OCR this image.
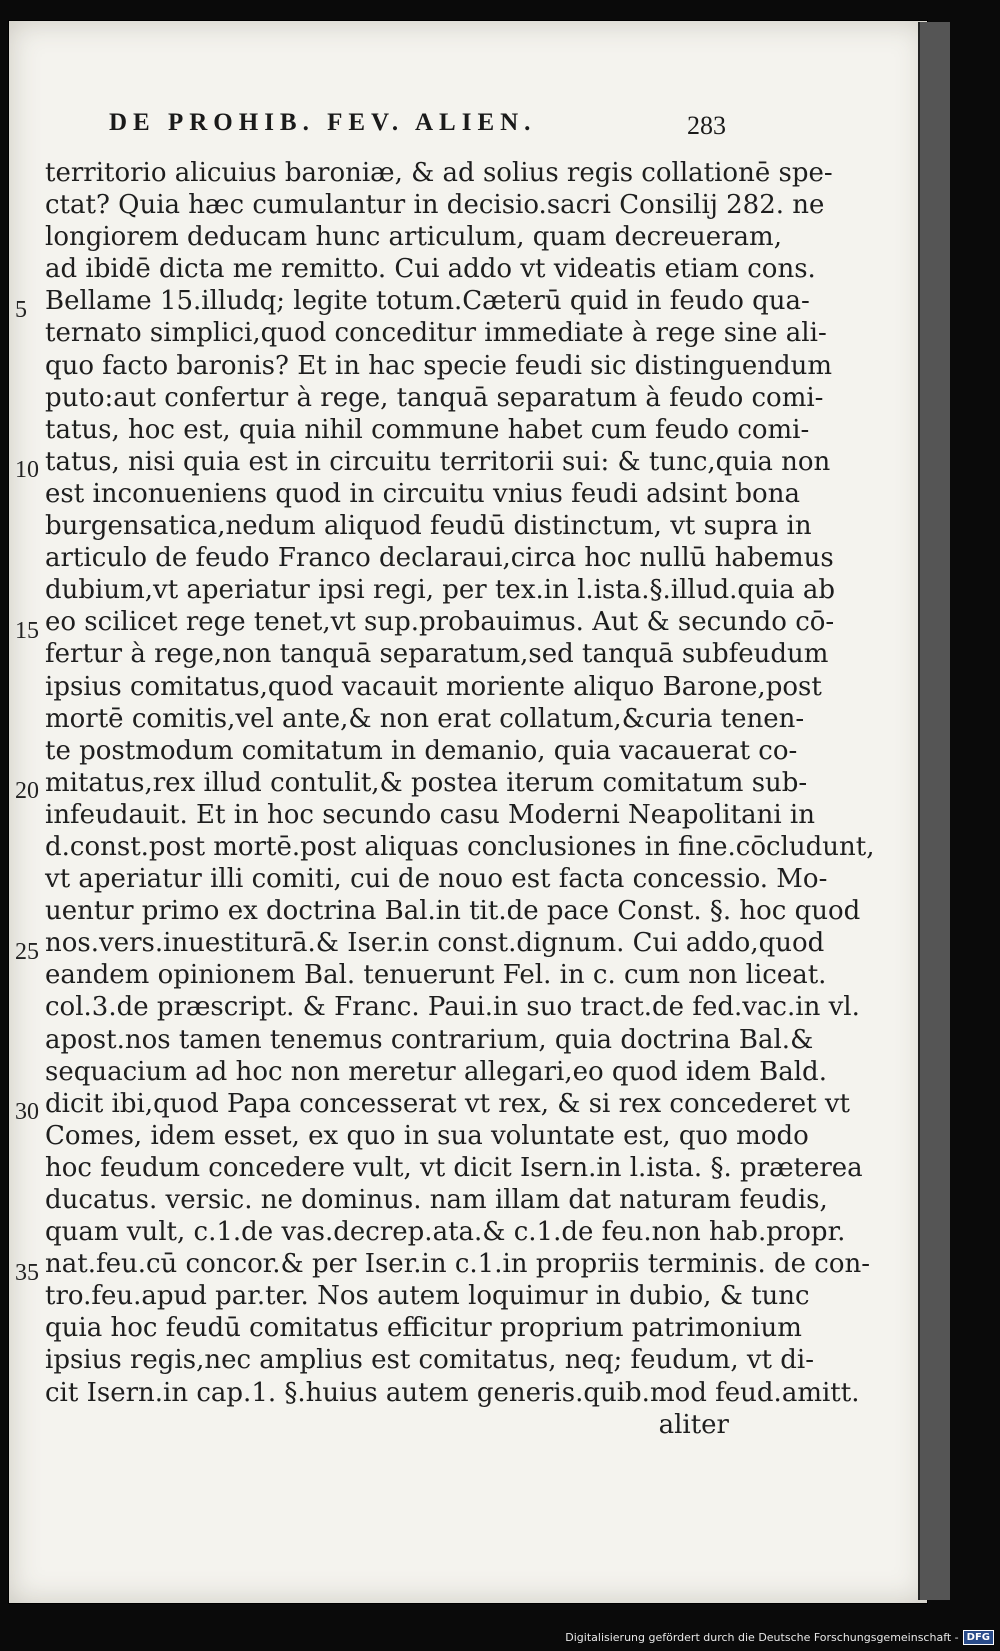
DE PROHIB. FEV. ALIEN.	283
5
10
15
20
25
30
35
territorio alicuius baroniæ, & ad solius regis collationē spe-
ctat? Quia hæc cumulantur in decisio.sacri Consilij 282. ne
longiorem deducam hunc articulum, quam decreueram,
ad ibidē dicta me remitto. Cui addo vt videatis etiam cons.
Bellame 15.illudq; legite totum.Cæterū quid in feudo qua-
ternato simplici,quod conceditur immediate à rege sine ali-
quo facto baronis? Et in hac specie feudi sic distinguendum
puto:aut confertur à rege, tanquā separatum à feudo comi-
tatus, hoc est, quia nihil commune habet cum feudo comi-
tatus, nisi quia est in circuitu territorii sui: & tunc,quia non
est inconueniens quod in circuitu vnius feudi adsint bona
burgensatica,nedum aliquod feudū distinctum, vt supra in
articulo de feudo Franco declaraui,circa hoc nullū habemus
dubium,vt aperiatur ipsi regi, per tex.in l.ista.§.illud.quia ab
eo scilicet rege tenet,vt sup.probauimus. Aut & secundo cō-
fertur à rege,non tanquā separatum,sed tanquā subfeudum
ipsius comitatus,quod vacauit moriente aliquo Barone,post
mortē comitis,vel ante,& non erat collatum,&curia tenen-
te postmodum comitatum in demanio, quia vacauerat co-
mitatus,rex illud contulit,& postea iterum comitatum sub-
infeudauit. Et in hoc secundo casu Moderni Neapolitani in
d.const.post mortē.post aliquas conclusiones in fine.cōcludunt,
vt aperiatur illi comiti, cui de nouo est facta concessio. Mo-
uentur primo ex doctrina Bal.in tit.de pace Const. §. hoc quod
nos.vers.inuestiturā.& Iser.in const.dignum. Cui addo,quod
eandem opinionem Bal. tenuerunt Fel. in c. cum non liceat.
col.3.de præscript. & Franc. Paui.in suo tract.de fed.vac.in vl.
apost.nos tamen tenemus contrarium, quia doctrina Bal.&
sequacium ad hoc non meretur allegari,eo quod idem Bald.
dicit ibi,quod Papa concesserat vt rex, & si rex concederet vt
Comes, idem esset, ex quo in sua voluntate est, quo modo
hoc feudum concedere vult, vt dicit Isern.in l.ista. §. præterea
ducatus. versic. ne dominus. nam illam dat naturam feudis,
quam vult, c.1.de vas.decrep.ata.& c.1.de feu.non hab.propr.
nat.feu.cū concor.& per Iser.in c.1.in propriis terminis. de con-
tro.feu.apud par.ter. Nos autem loquimur in dubio, & tunc
quia hoc feudū comitatus efficitur proprium patrimonium
ipsius regis,nec amplius est comitatus, neq; feudum, vt di-
cit Isern.in cap.1. §.huius autem generis.quib.mod feud.amitt.
aliter
Digitalisierung gefördert durch die Deutsche Forschungsgemeinschaft - DFG
